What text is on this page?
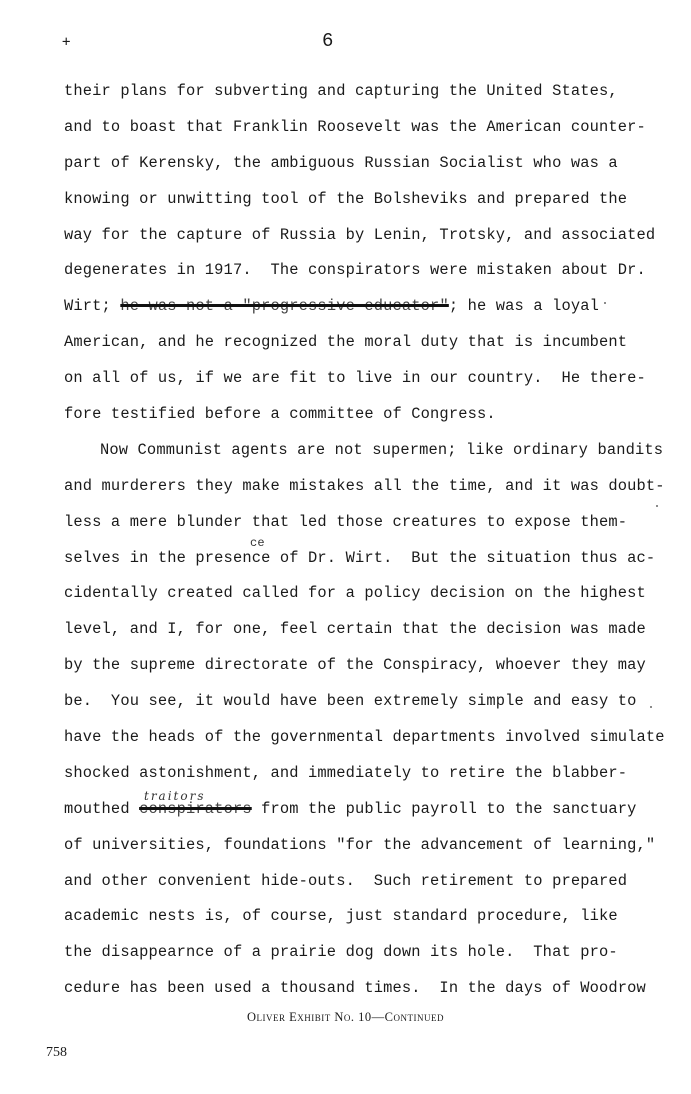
+	6
their plans for subverting and capturing the United States,
and to boast that Franklin Roosevelt was the American counter-
part of Kerensky, the ambiguous Russian Socialist who was a
knowing or unwitting tool of the Bolsheviks and prepared the
way for the capture of Russia by Lenin, Trotsky, and associated
degenerates in 1917.  The conspirators were mistaken about Dr.
Wirt; he was not a "progressive educator"; he was a loyal
American, and he recognized the moral duty that is incumbent
on all of us, if we are fit to live in our country.  He there-
fore testified before a committee of Congress.
Now Communist agents are not supermen; like ordinary bandits
and murderers they make mistakes all the time, and it was doubt-
less a mere blunder that led those creatures to expose them-
ce
selves in the presence of Dr. Wirt.  But the situation thus ac-
cidentally created called for a policy decision on the highest
level, and I, for one, feel certain that the decision was made
by the supreme directorate of the Conspiracy, whoever they may
be.  You see, it would have been extremely simple and easy to
have the heads of the governmental departments involved simulate
shocked astonishment, and immediately to retire the blabber-
traitors
mouthed conspirators from the public payroll to the sanctuary
of universities, foundations "for the advancement of learning,"
and other convenient hide-outs.  Such retirement to prepared
academic nests is, of course, just standard procedure, like
the disappearnce of a prairie dog down its hole.  That pro-
cedure has been used a thousand times.  In the days of Woodrow
Oliver Exhibit No. 10—Continued
758
